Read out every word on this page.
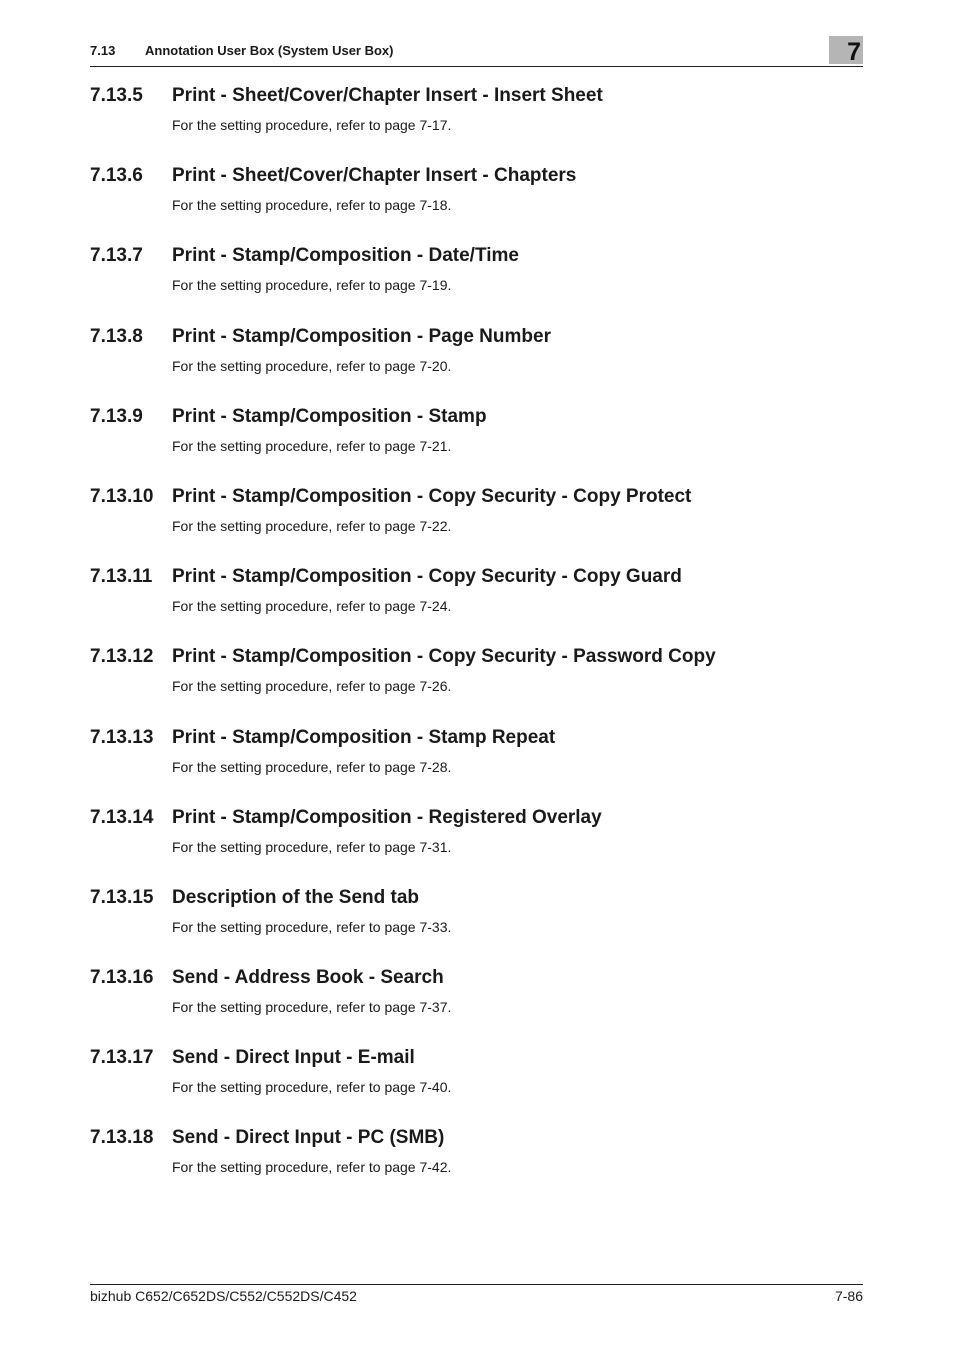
7.13 Annotation User Box (System User Box)	7
7.13.5 Print - Sheet/Cover/Chapter Insert - Insert Sheet
For the setting procedure, refer to page 7-17.
7.13.6 Print - Sheet/Cover/Chapter Insert - Chapters
For the setting procedure, refer to page 7-18.
7.13.7 Print - Stamp/Composition - Date/Time
For the setting procedure, refer to page 7-19.
7.13.8 Print - Stamp/Composition - Page Number
For the setting procedure, refer to page 7-20.
7.13.9 Print - Stamp/Composition - Stamp
For the setting procedure, refer to page 7-21.
7.13.10 Print - Stamp/Composition - Copy Security - Copy Protect
For the setting procedure, refer to page 7-22.
7.13.11 Print - Stamp/Composition - Copy Security - Copy Guard
For the setting procedure, refer to page 7-24.
7.13.12 Print - Stamp/Composition - Copy Security - Password Copy
For the setting procedure, refer to page 7-26.
7.13.13 Print - Stamp/Composition - Stamp Repeat
For the setting procedure, refer to page 7-28.
7.13.14 Print - Stamp/Composition - Registered Overlay
For the setting procedure, refer to page 7-31.
7.13.15 Description of the Send tab
For the setting procedure, refer to page 7-33.
7.13.16 Send - Address Book - Search
For the setting procedure, refer to page 7-37.
7.13.17 Send - Direct Input - E-mail
For the setting procedure, refer to page 7-40.
7.13.18 Send - Direct Input - PC (SMB)
For the setting procedure, refer to page 7-42.
bizhub C652/C652DS/C552/C552DS/C452	7-86
